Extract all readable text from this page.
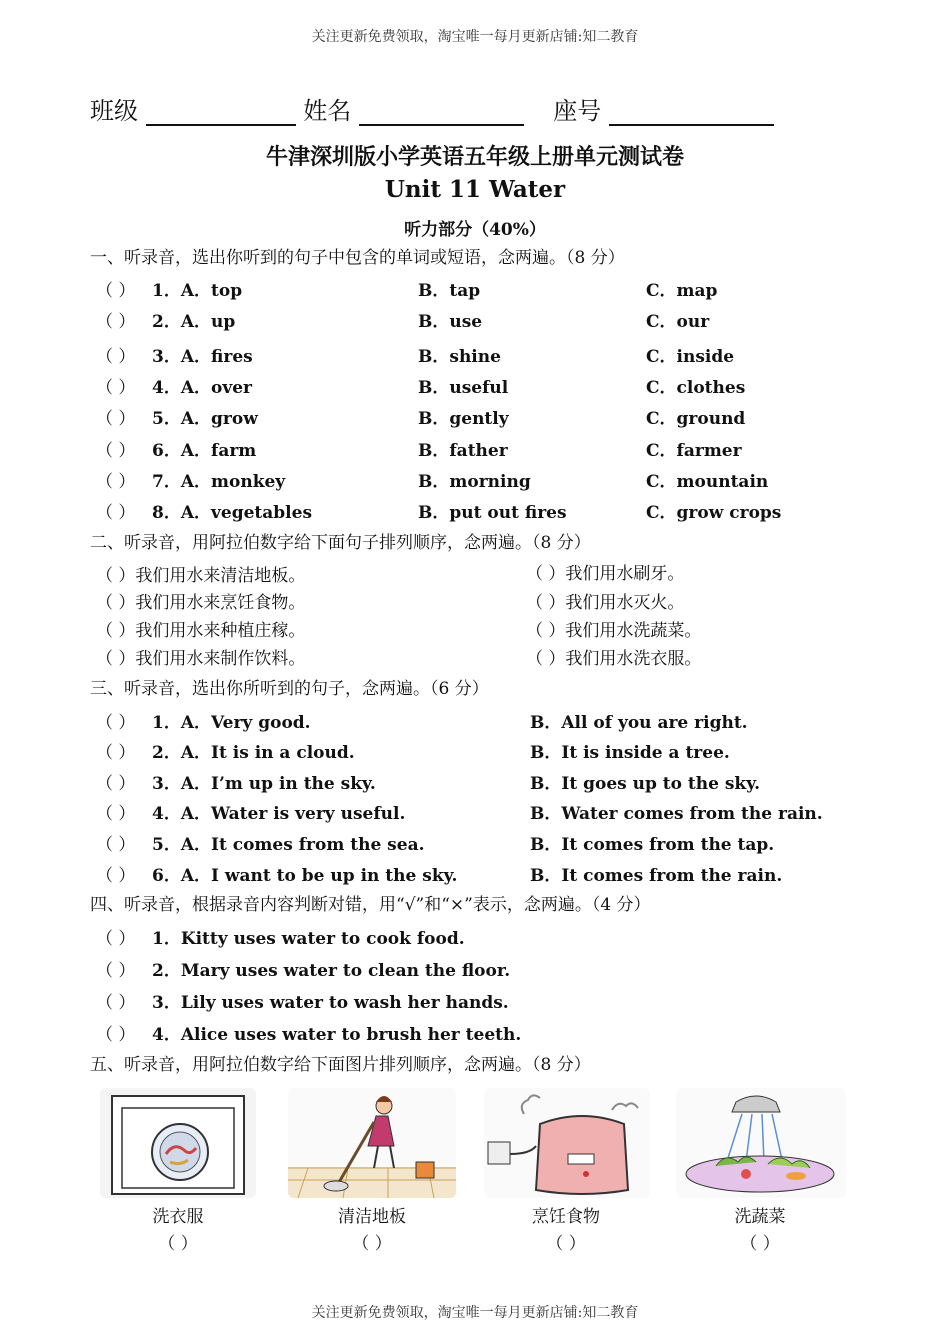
关注更新免费领取，淘宝唯一每月更新店铺:知二教育
班级	姓名	座号
牛津深圳版小学英语五年级上册单元测试卷
Unit 11 Water
听力部分（40%）
一、听录音，选出你听到的句子中包含的单词或短语，念两遍。（8 分）
（ ） 1．A．top	B．tap	C．map
（ ） 2．A．up	B．use	C．our
（ ） 3．A．fires	B．shine	C．inside
（ ） 4．A．over	B．useful	C．clothes
（ ） 5．A．grow	B．gently	C．ground
（ ） 6．A．farm	B．father	C．farmer
（ ） 7．A．monkey	B．morning	C．mountain
（ ） 8．A．vegetables	B．put out fires	C．grow crops
二、听录音，用阿拉伯数字给下面句子排列顺序，念两遍。（8 分）
（ ）我们用水来清洁地板。
（ ）我们用水来烹饪食物。
（ ）我们用水来种植庄稼。
（ ）我们用水来制作饮料。
（ ）我们用水刷牙。
（ ）我们用水灭火。
（ ）我们用水洗蔬菜。
（ ）我们用水洗衣服。
三、听录音，选出你所听到的句子，念两遍。（6 分）
（ ） 1．A．Very good.	B．All of you are right.
（ ） 2．A．It is in a cloud.	B．It is inside a tree.
（ ） 3．A．I’m up in the sky.	B．It goes up to the sky.
（ ） 4．A．Water is very useful.	B．Water comes from the rain.
（ ） 5．A．It comes from the sea.	B．It comes from the tap.
（ ） 6．A．I want to be up in the sky.	B．It comes from the rain.
四、听录音，根据录音内容判断对错，用“√”和“×”表示，念两遍。（4 分）
（ ） 1．Kitty uses water to cook food.
（ ） 2．Mary uses water to clean the floor.
（ ） 3．Lily uses water to wash her hands.
（ ） 4．Alice uses water to brush her teeth.
五、听录音，用阿拉伯数字给下面图片排列顺序，念两遍。（8 分）
洗衣服
（ ）
清洁地板
（ ）
烹饪食物
（ ）
洗蔬菜
（ ）
关注更新免费领取，淘宝唯一每月更新店铺:知二教育
